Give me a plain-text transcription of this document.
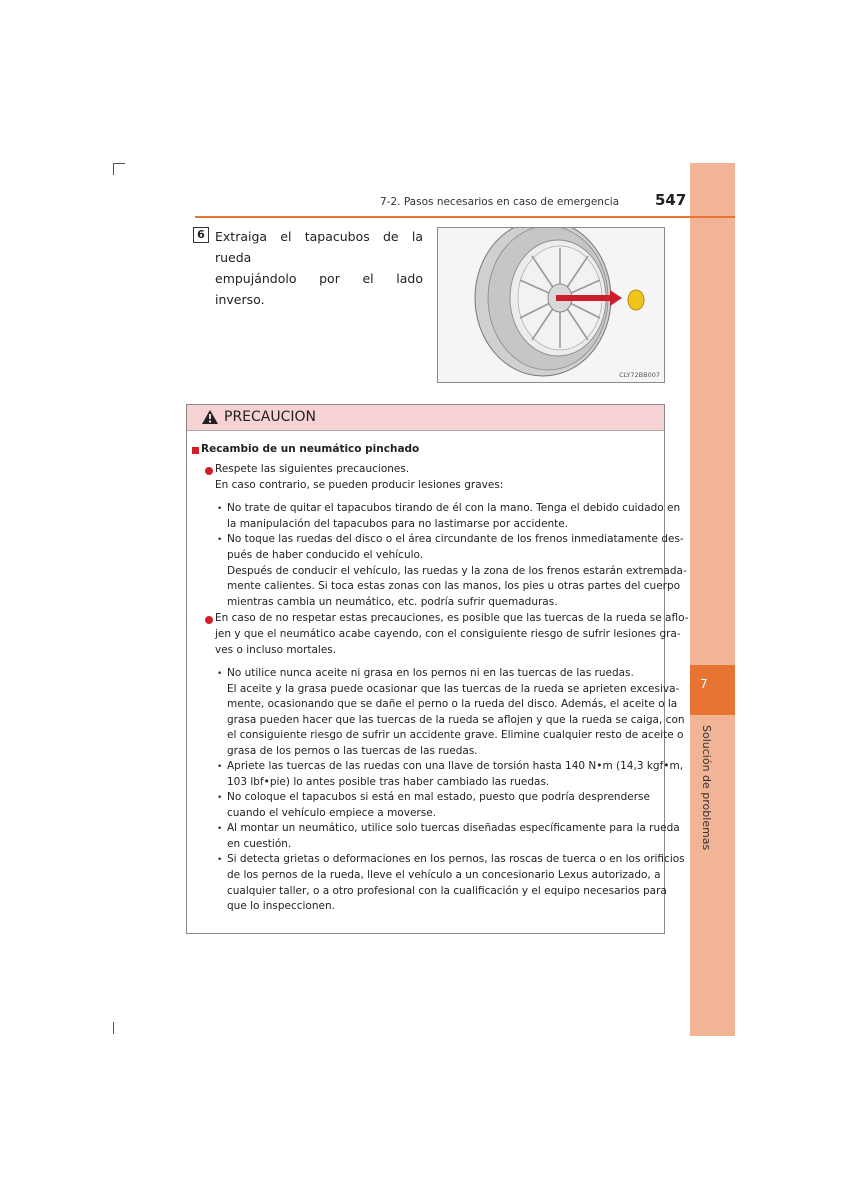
7
Solución de problemas
7-2. Pasos necesarios en caso de emergencia 547
6 Extraiga el tapacubos de la rueda
empujándolo por el lado inverso.
CLY72BB007
PRECAUCION
Recambio de un neumático pinchado
Respete las siguientes precauciones.
En caso contrario, se pueden producir lesiones graves:
• No trate de quitar el tapacubos tirando de él con la mano. Tenga el debido cuidado en
la manipulación del tapacubos para no lastimarse por accidente.
• No toque las ruedas del disco o el área circundante de los frenos inmediatamente des-
pués de haber conducido el vehículo.
Después de conducir el vehículo, las ruedas y la zona de los frenos estarán extremada-
mente calientes. Si toca estas zonas con las manos, los pies u otras partes del cuerpo
mientras cambia un neumático, etc. podría sufrir quemaduras.
En caso de no respetar estas precauciones, es posible que las tuercas de la rueda se aflo-
jen y que el neumático acabe cayendo, con el consiguiente riesgo de sufrir lesiones gra-
ves o incluso mortales.
• No utilice nunca aceite ni grasa en los pernos ni en las tuercas de las ruedas.
El aceite y la grasa puede ocasionar que las tuercas de la rueda se aprieten excesiva-
mente, ocasionando que se dañe el perno o la rueda del disco. Además, el aceite o la
grasa pueden hacer que las tuercas de la rueda se aflojen y que la rueda se caiga, con
el consiguiente riesgo de sufrir un accidente grave. Elimine cualquier resto de aceite o
grasa de los pernos o las tuercas de las ruedas.
• Apriete las tuercas de las ruedas con una llave de torsión hasta 140 N•m (14,3 kgf•m,
103 lbf•pie) lo antes posible tras haber cambiado las ruedas.
• No coloque el tapacubos si está en mal estado, puesto que podría desprenderse
cuando el vehículo empiece a moverse.
• Al montar un neumático, utilice solo tuercas diseñadas específicamente para la rueda
en cuestión.
• Si detecta grietas o deformaciones en los pernos, las roscas de tuerca o en los orificios
de los pernos de la rueda, lleve el vehículo a un concesionario Lexus autorizado, a
cualquier taller, o a otro profesional con la cualificación y el equipo necesarios para
que lo inspeccionen.
